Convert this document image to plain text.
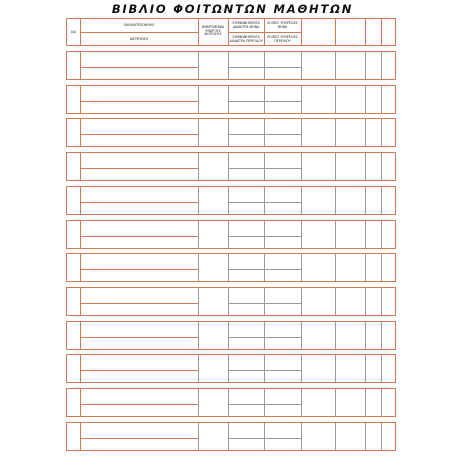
ΒΙΒΛΙΟ ΦΟΙΤΩΝΤΩΝ ΜΑΘΗΤΩΝ
Α/Α
ΟΝΟΜΑΤΕΠΩΝΥΜΟ
ΔΙΕΥΘΥΝΣΗ
ΗΜΕΡΟΜΗΝΙΑ ΕΝΑΡΞΗΣ ΦΟΙΤΗΣΗΣ
ΣΥΜΦΩΝΗΘΕΝΤΑ ΔΙΔΑΚΤΡΑ ΜΗΝΑ
ΣΥΜΦΩΝΗΘΕΝΤΑ ΔΙΔΑΚΤΡΑ ΠΕΡΙΟΔΟΥ
ΛΟΙΠΕΣ ΥΠΗΡΕΣΙΕΣ ΜΗΝΑ
ΛΟΙΠΕΣ ΥΠΗΡΕΣΙΕΣ ΠΕΡΙΟΔΟΥ
